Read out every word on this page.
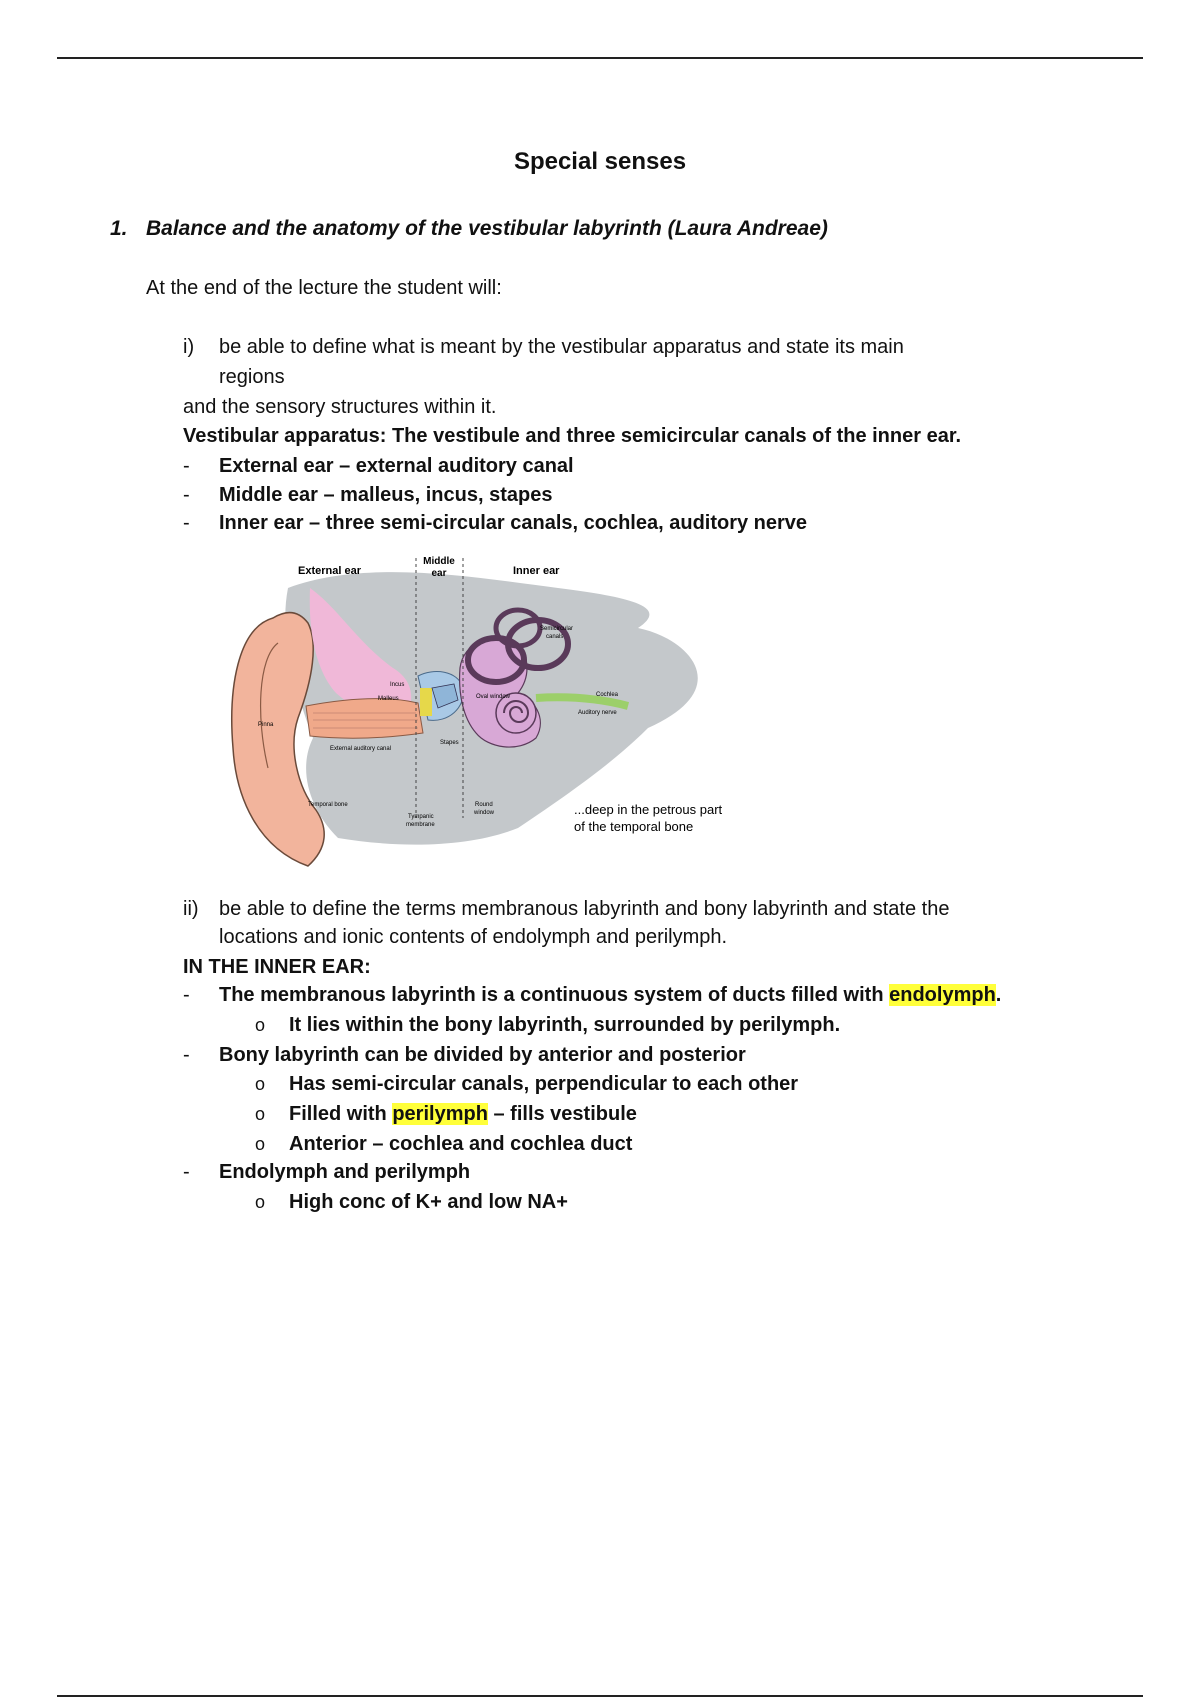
Special senses
1. Balance and the anatomy of the vestibular labyrinth (Laura Andreae)
At the end of the lecture the student will:
i) be able to define what is meant by the vestibular apparatus and state its main
regions
and the sensory structures within it.
Vestibular apparatus: The vestibule and three semicircular canals of the inner ear.
- External ear – external auditory canal
- Middle ear – malleus, incus, stapes
- Inner ear – three semi-circular canals, cochlea, auditory nerve
External ear
Middle
ear	Inner ear
Pinna
Malleus
Incus
Stapes
External auditory canal
Temporal bone
Tympanic
membrane
Round
window
Semicircular
canals
Cochlea
Auditory nerve
Oval window
...deep in the petrous part
of the temporal bone
ii) be able to define the terms membranous labyrinth and bony labyrinth and state the
locations and ionic contents of endolymph and perilymph.
IN THE INNER EAR:
- The membranous labyrinth is a continuous system of ducts filled with endolymph.
o It lies within the bony labyrinth, surrounded by perilymph.
- Bony labyrinth can be divided by anterior and posterior
o Has semi-circular canals, perpendicular to each other
o Filled with perilymph – fills vestibule
o Anterior – cochlea and cochlea duct
- Endolymph and perilymph
o High conc of K+ and low NA+
